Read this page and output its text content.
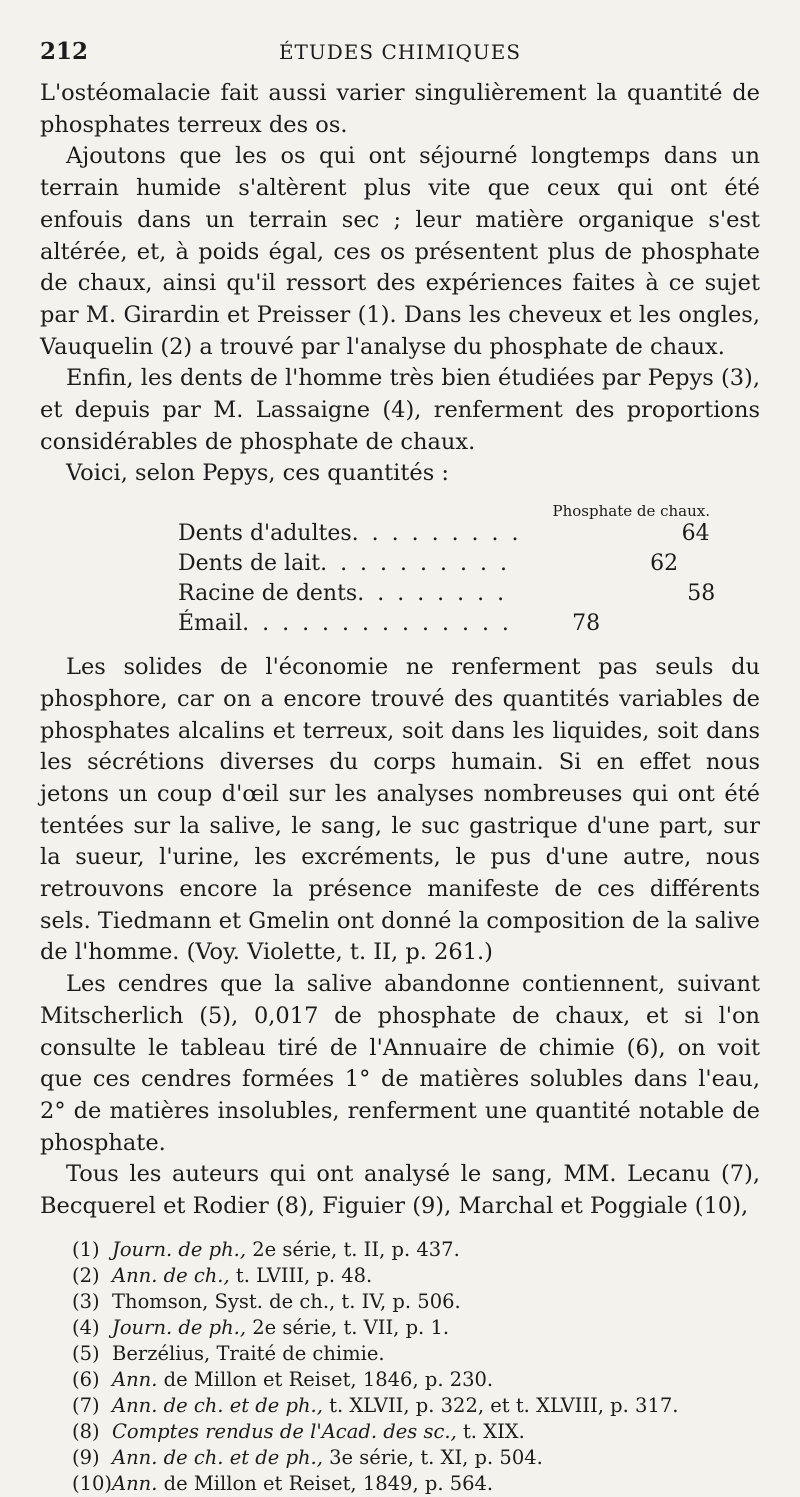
212	ÉTUDES CHIMIQUES

L'ostéomalacie fait aussi varier singulièrement la quantité de phosphates terreux des os.

Ajoutons que les os qui ont séjourné longtemps dans un terrain humide s'altèrent plus vite que ceux qui ont été enfouis dans un terrain sec ; leur matière organique s'est altérée, et, à poids égal, ces os présentent plus de phosphate de chaux, ainsi qu'il ressort des expériences faites à ce sujet par M. Girardin et Preisser (1). Dans les cheveux et les ongles, Vauquelin (2) a trouvé par l'analyse du phosphate de chaux.

Enfin, les dents de l'homme très bien étudiées par Pepys (3), et depuis par M. Lassaigne (4), renferment des proportions considérables de phosphate de chaux.

Voici, selon Pepys, ces quantités :

Phosphate de chaux.
Dents d'adultes . . . . . . . . .	64
Dents de lait . . . . . . . . . .	62
Racine de dents . . . . . . . .	58
Émail . . . . . . . . . . . . . .	78

Les solides de l'économie ne renferment pas seuls du phosphore, car on a encore trouvé des quantités variables de phosphates alcalins et terreux, soit dans les liquides, soit dans les sécrétions diverses du corps humain. Si en effet nous jetons un coup d'œil sur les analyses nombreuses qui ont été tentées sur la salive, le sang, le suc gastrique d'une part, sur la sueur, l'urine, les excréments, le pus d'une autre, nous retrouvons encore la présence manifeste de ces différents sels. Tiedmann et Gmelin ont donné la composition de la salive de l'homme. (Voy. Violette, t. II, p. 261.)

Les cendres que la salive abandonne contiennent, suivant Mitscherlich (5), 0,017 de phosphate de chaux, et si l'on consulte le tableau tiré de l'Annuaire de chimie (6), on voit que ces cendres formées 1° de matières solubles dans l'eau, 2° de matières insolubles, renferment une quantité notable de phosphate.

Tous les auteurs qui ont analysé le sang, MM. Lecanu (7), Becquerel et Rodier (8), Figuier (9), Marchal et Poggiale (10),

(1) Journ. de ph., 2e série, t. II, p. 437.
(2) Ann. de ch., t. LVIII, p. 48.
(3) Thomson, Syst. de ch., t. IV, p. 506.
(4) Journ. de ph., 2e série, t. VII, p. 1.
(5) Berzélius, Traité de chimie.
(6) Ann. de Millon et Reiset, 1846, p. 230.
(7) Ann. de ch. et de ph., t. XLVII, p. 322, et t. XLVIII, p. 317.
(8) Comptes rendus de l'Acad. des sc., t. XIX.
(9) Ann. de ch. et de ph., 3e série, t. XI, p. 504.
(10)Ann. de Millon et Reiset, 1849, p. 564.
